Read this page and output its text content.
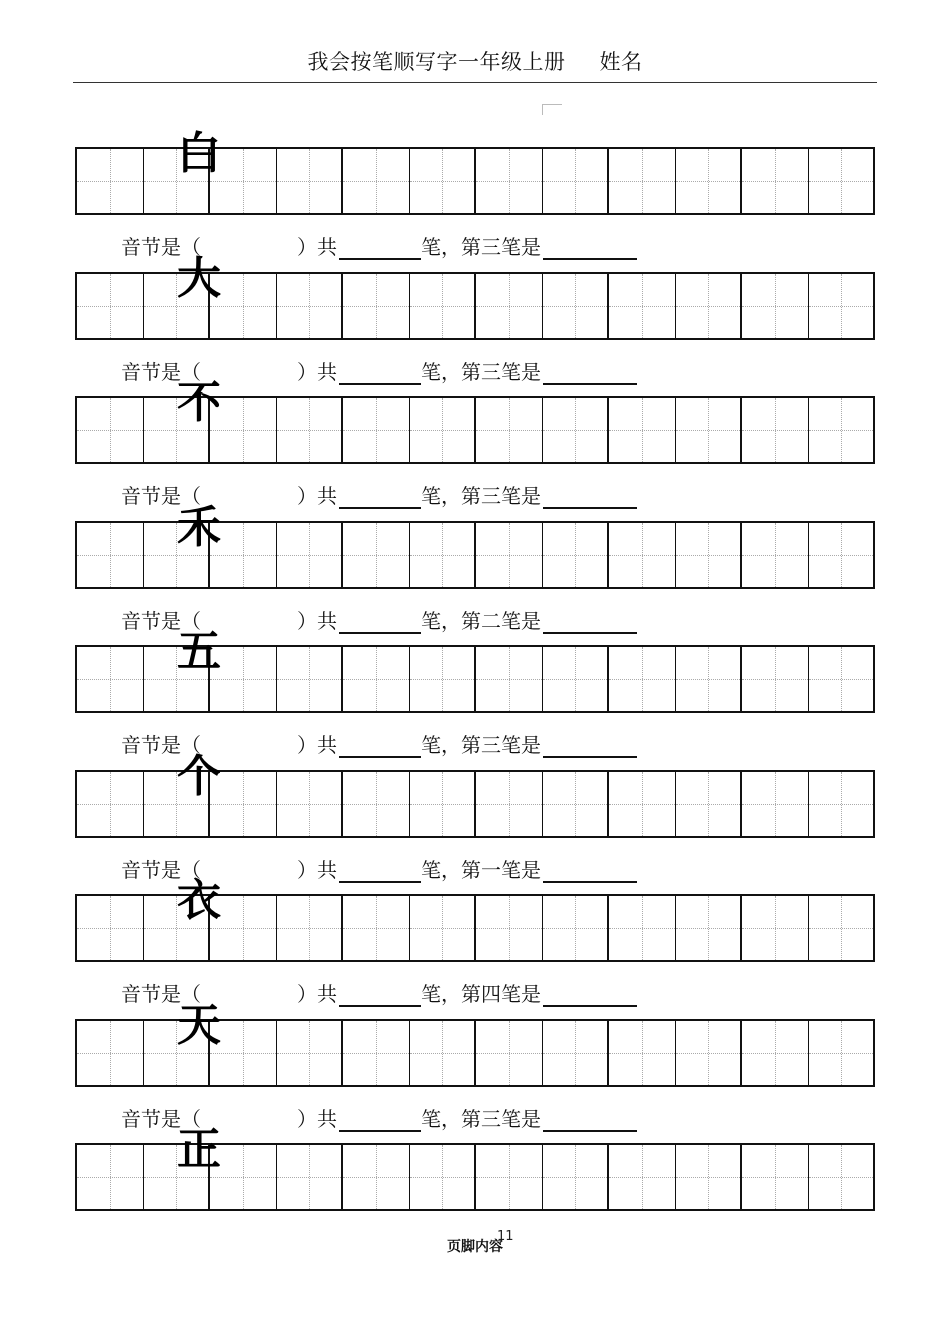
我会按笔顺写字一年级上册 姓名
白
音节是（	）共	笔，第三笔是
大
音节是（	）共	笔，第三笔是
不
音节是（	）共	笔，第三笔是
禾
音节是（	）共	笔，第二笔是
五
音节是（	）共	笔，第三笔是
个
音节是（	）共	笔，第一笔是
衣
音节是（	）共	笔，第四笔是
天
音节是（	）共	笔，第三笔是
正
11
页脚内容
